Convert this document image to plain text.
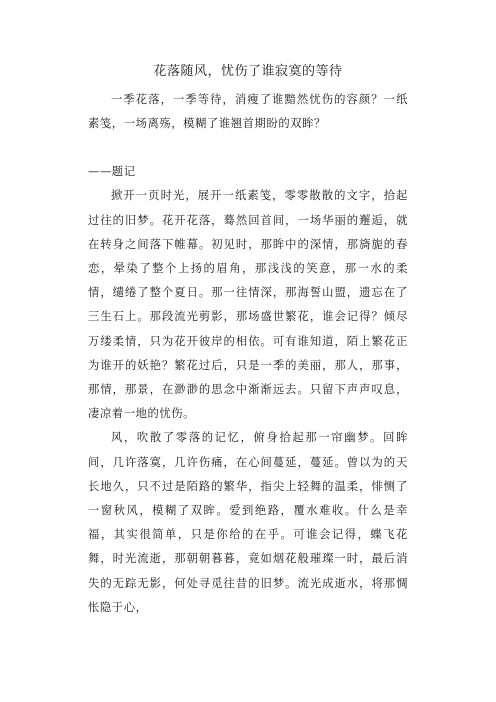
花落随风，忧伤了谁寂寞的等待

一季花落，一季等待，消瘦了谁黯然忧伤的容颜？一纸素笺，一场离殇，模糊了谁翘首期盼的双眸？

——题记

掀开一页时光，展开一纸素笺，零零散散的文字，拾起过往的旧梦。花开花落，蓦然回首间，一场华丽的邂逅，就在转身之间落下帷幕。初见时，那眸中的深情，那旖旎的春恋，晕染了整个上扬的眉角，那浅浅的笑意，那一水的柔情，缱绻了整个夏日。那一往情深，那海誓山盟，遗忘在了三生石上。那段流光剪影，那场盛世繁花，谁会记得？倾尽万缕柔情，只为花开彼岸的相依。可有谁知道，陌上繁花正为谁开的妖艳？繁花过后，只是一季的美丽，那人，那事，那情，那景，在渺渺的思念中渐渐远去。只留下声声叹息，凄凉着一地的忧伤。

风，吹散了零落的记忆，俯身拾起那一帘幽梦。回眸间，几许落寞，几许伤痛，在心间蔓延，蔓延。曾以为的天长地久，只不过是陌路的繁华，指尖上轻舞的温柔，悱恻了一窗秋风，模糊了双眸。爱到绝路，覆水难收。什么是幸福，其实很简单，只是你给的在乎。可谁会记得，蝶飞花舞，时光流逝，那朝朝暮暮，竟如烟花般璀璨一时，最后消失的无踪无影，何处寻觅往昔的旧梦。流光成逝水，将那惆怅隐于心，
